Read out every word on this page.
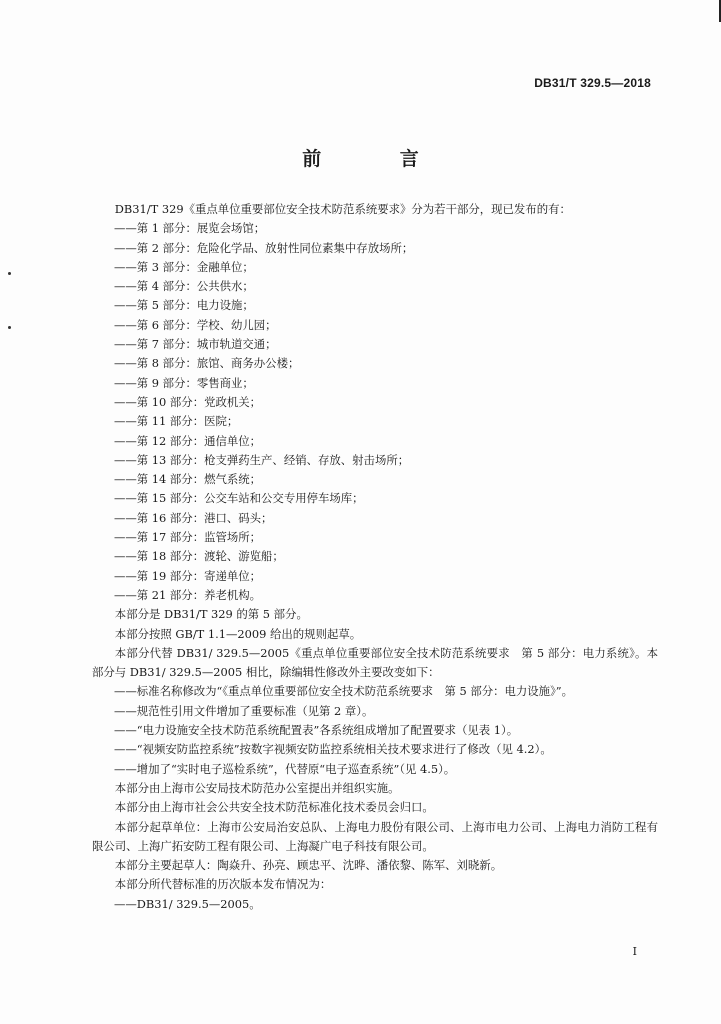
DB31/T 329.5—2018
前 言

DB31/T 329《重点单位重要部位安全技术防范系统要求》分为若干部分，现已发布的有：

——第 1 部分：展览会场馆；

——第 2 部分：危险化学品、放射性同位素集中存放场所；

——第 3 部分：金融单位；

——第 4 部分：公共供水；

——第 5 部分：电力设施；

——第 6 部分：学校、幼儿园；

——第 7 部分：城市轨道交通；

——第 8 部分：旅馆、商务办公楼；

——第 9 部分：零售商业；

——第 10 部分：党政机关；

——第 11 部分：医院；

——第 12 部分：通信单位；

——第 13 部分：枪支弹药生产、经销、存放、射击场所；

——第 14 部分：燃气系统；

——第 15 部分：公交车站和公交专用停车场库；

——第 16 部分：港口、码头；

——第 17 部分：监管场所；

——第 18 部分：渡轮、游览船；

——第 19 部分：寄递单位；

——第 21 部分：养老机构。

本部分是 DB31/T 329 的第 5 部分。

本部分按照 GB/T 1.1—2009 给出的规则起草。

本部分代替 DB31/ 329.5—2005《重点单位重要部位安全技术防范系统要求　第 5 部分：电力系统》。本部分与 DB31/ 329.5—2005 相比，除编辑性修改外主要改变如下：

——标准名称修改为“《重点单位重要部位安全技术防范系统要求　第 5 部分：电力设施》”。

——规范性引用文件增加了重要标准（见第 2 章）。

——“电力设施安全技术防范系统配置表”各系统组成增加了配置要求（见表 1）。

——“视频安防监控系统”按数字视频安防监控系统相关技术要求进行了修改（见 4.2）。

——增加了“实时电子巡检系统”，代替原“电子巡查系统”（见 4.5）。

本部分由上海市公安局技术防范办公室提出并组织实施。

本部分由上海市社会公共安全技术防范标准化技术委员会归口。

本部分起草单位：上海市公安局治安总队、上海电力股份有限公司、上海市电力公司、上海电力消防工程有限公司、上海广拓安防工程有限公司、上海凝广电子科技有限公司。

本部分主要起草人：陶焱升、孙亮、顾忠平、沈晔、潘依黎、陈军、刘晓新。

本部分所代替标准的历次版本发布情况为：

——DB31/ 329.5—2005。

I
